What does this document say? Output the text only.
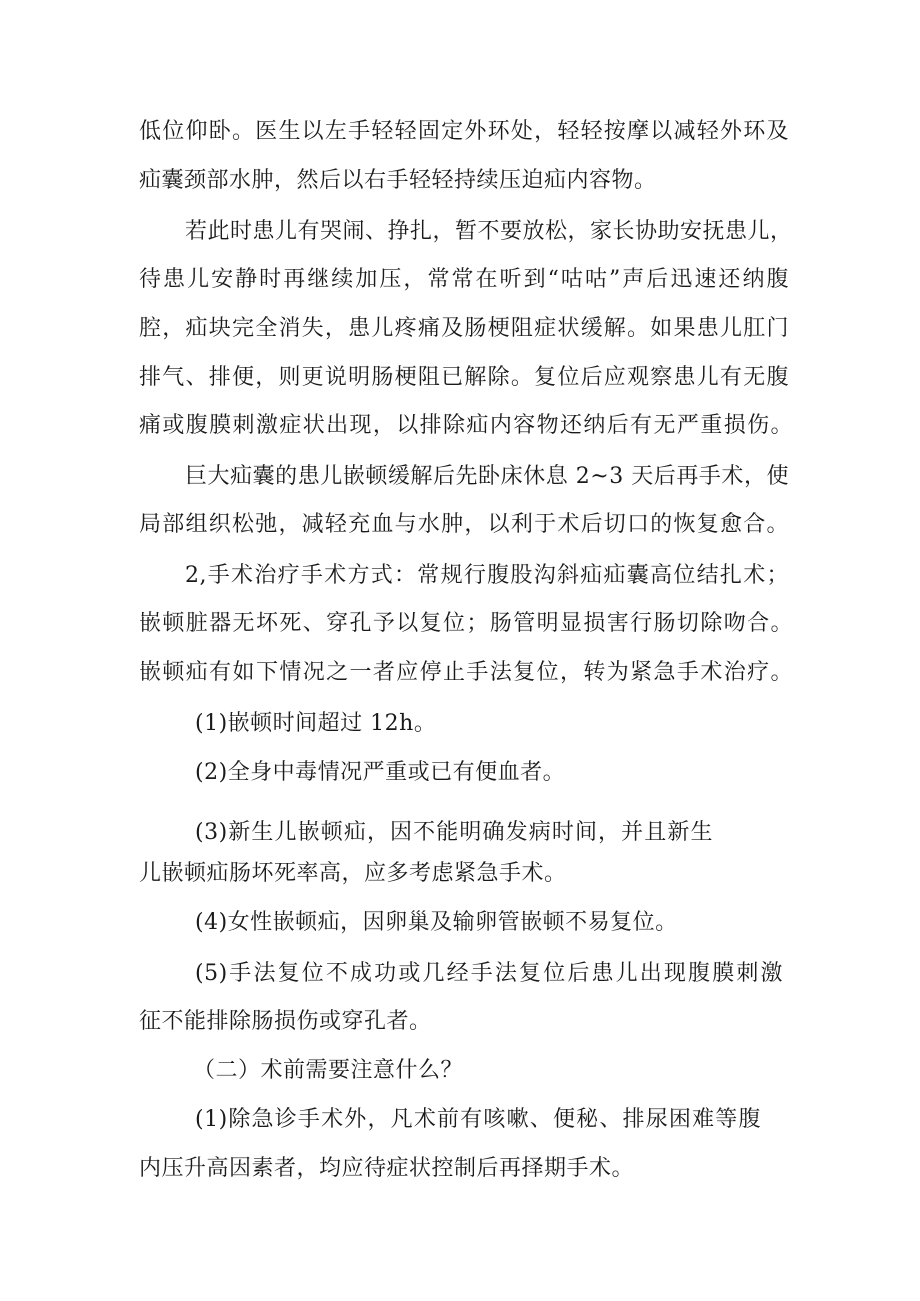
低位仰卧。医生以左手轻轻固定外环处，轻轻按摩以减轻外环及
疝囊颈部水肿，然后以右手轻轻持续压迫疝内容物。
若此时患儿有哭闹、挣扎，暂不要放松，家长协助安抚患儿，
待患儿安静时再继续加压，常常在听到“咕咕”声后迅速还纳腹
腔，疝块完全消失，患儿疼痛及肠梗阻症状缓解。如果患儿肛门
排气、排便，则更说明肠梗阻已解除。复位后应观察患儿有无腹
痛或腹膜刺激症状出现，以排除疝内容物还纳后有无严重损伤。
巨大疝囊的患儿嵌顿缓解后先卧床休息 2~3 天后再手术，使
局部组织松弛，减轻充血与水肿，以利于术后切口的恢复愈合。
2,手术治疗手术方式：常规行腹股沟斜疝疝囊高位结扎术；
嵌顿脏器无坏死、穿孔予以复位；肠管明显损害行肠切除吻合。
嵌顿疝有如下情况之一者应停止手法复位，转为紧急手术治疗。
(1)嵌顿时间超过 12h。
(2)全身中毒情况严重或已有便血者。
(3)新生儿嵌顿疝，因不能明确发病时间，并且新生
儿嵌顿疝肠坏死率高，应多考虑紧急手术。
(4)女性嵌顿疝，因卵巢及输卵管嵌顿不易复位。
(5)手法复位不成功或几经手法复位后患儿出现腹膜刺激
征不能排除肠损伤或穿孔者。
（二）术前需要注意什么？
(1)除急诊手术外，凡术前有咳嗽、便秘、排尿困难等腹
内压升高因素者，均应待症状控制后再择期手术。
